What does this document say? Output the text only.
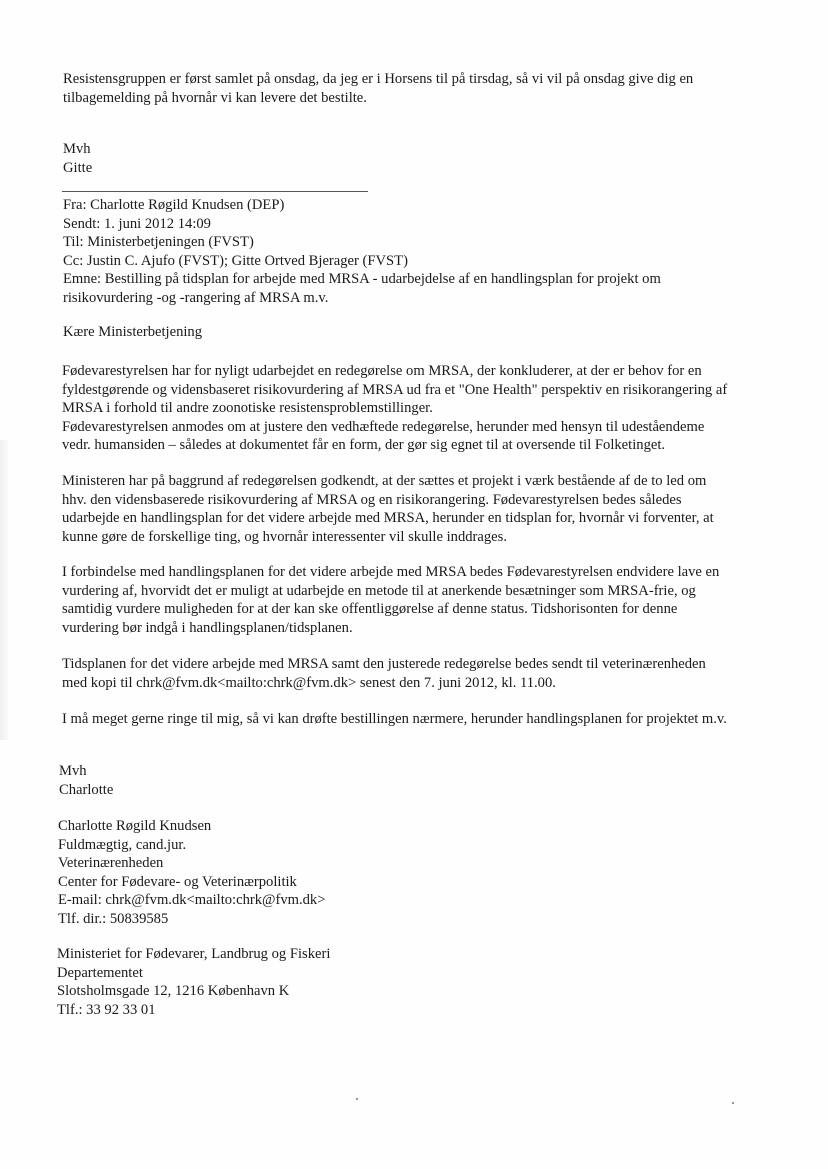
Resistensgruppen er først samlet på onsdag, da jeg er i Horsens til på tirsdag, så vi vil på onsdag give dig en
tilbagemelding på hvornår vi kan levere det bestilte.
Mvh
Gitte
Fra: Charlotte Røgild Knudsen (DEP)
Sendt: 1. juni 2012 14:09
Til: Ministerbetjeningen (FVST)
Cc: Justin C. Ajufo (FVST); Gitte Ortved Bjerager (FVST)
Emne: Bestilling på tidsplan for arbejde med MRSA - udarbejdelse af en handlingsplan for projekt om
risikovurdering -og -rangering af MRSA m.v.
Kære Ministerbetjening
Fødevarestyrelsen har for nyligt udarbejdet en redegørelse om MRSA, der konkluderer, at der er behov for en
fyldestgørende og vidensbaseret risikovurdering af MRSA ud fra et "One Health" perspektiv en risikorangering af
MRSA i forhold til andre zoonotiske resistensproblemstillinger.
Fødevarestyrelsen anmodes om at justere den vedhæftede redegørelse, herunder med hensyn til udeståendeme
vedr. humansiden – således at dokumentet får en form, der gør sig egnet til at oversende til Folketinget.
Ministeren har på baggrund af redegørelsen godkendt, at der sættes et projekt i værk bestående af de to led om
hhv. den vidensbaserede risikovurdering af MRSA og en risikorangering. Fødevarestyrelsen bedes således
udarbejde en handlingsplan for det videre arbejde med MRSA, herunder en tidsplan for, hvornår vi forventer, at
kunne gøre de forskellige ting, og hvornår interessenter vil skulle inddrages.
I forbindelse med handlingsplanen for det videre arbejde med MRSA bedes Fødevarestyrelsen endvidere lave en
vurdering af, hvorvidt det er muligt at udarbejde en metode til at anerkende besætninger som MRSA-frie, og
samtidig vurdere muligheden for at der kan ske offentliggørelse af denne status. Tidshorisonten for denne
vurdering bør indgå i handlingsplanen/tidsplanen.
Tidsplanen for det videre arbejde med MRSA samt den justerede redegørelse bedes sendt til veterinærenheden
med kopi til chrk@fvm.dk<mailto:chrk@fvm.dk> senest den 7. juni 2012, kl. 11.00.
I må meget gerne ringe til mig, så vi kan drøfte bestillingen nærmere, herunder handlingsplanen for projektet m.v.
Mvh
Charlotte
Charlotte Røgild Knudsen
Fuldmægtig, cand.jur.
Veterinærenheden
Center for Fødevare- og Veterinærpolitik
E-mail: chrk@fvm.dk<mailto:chrk@fvm.dk>
Tlf. dir.: 50839585
Ministeriet for Fødevarer, Landbrug og Fiskeri
Departementet
Slotsholmsgade 12, 1216 København K
Tlf.: 33 92 33 01
